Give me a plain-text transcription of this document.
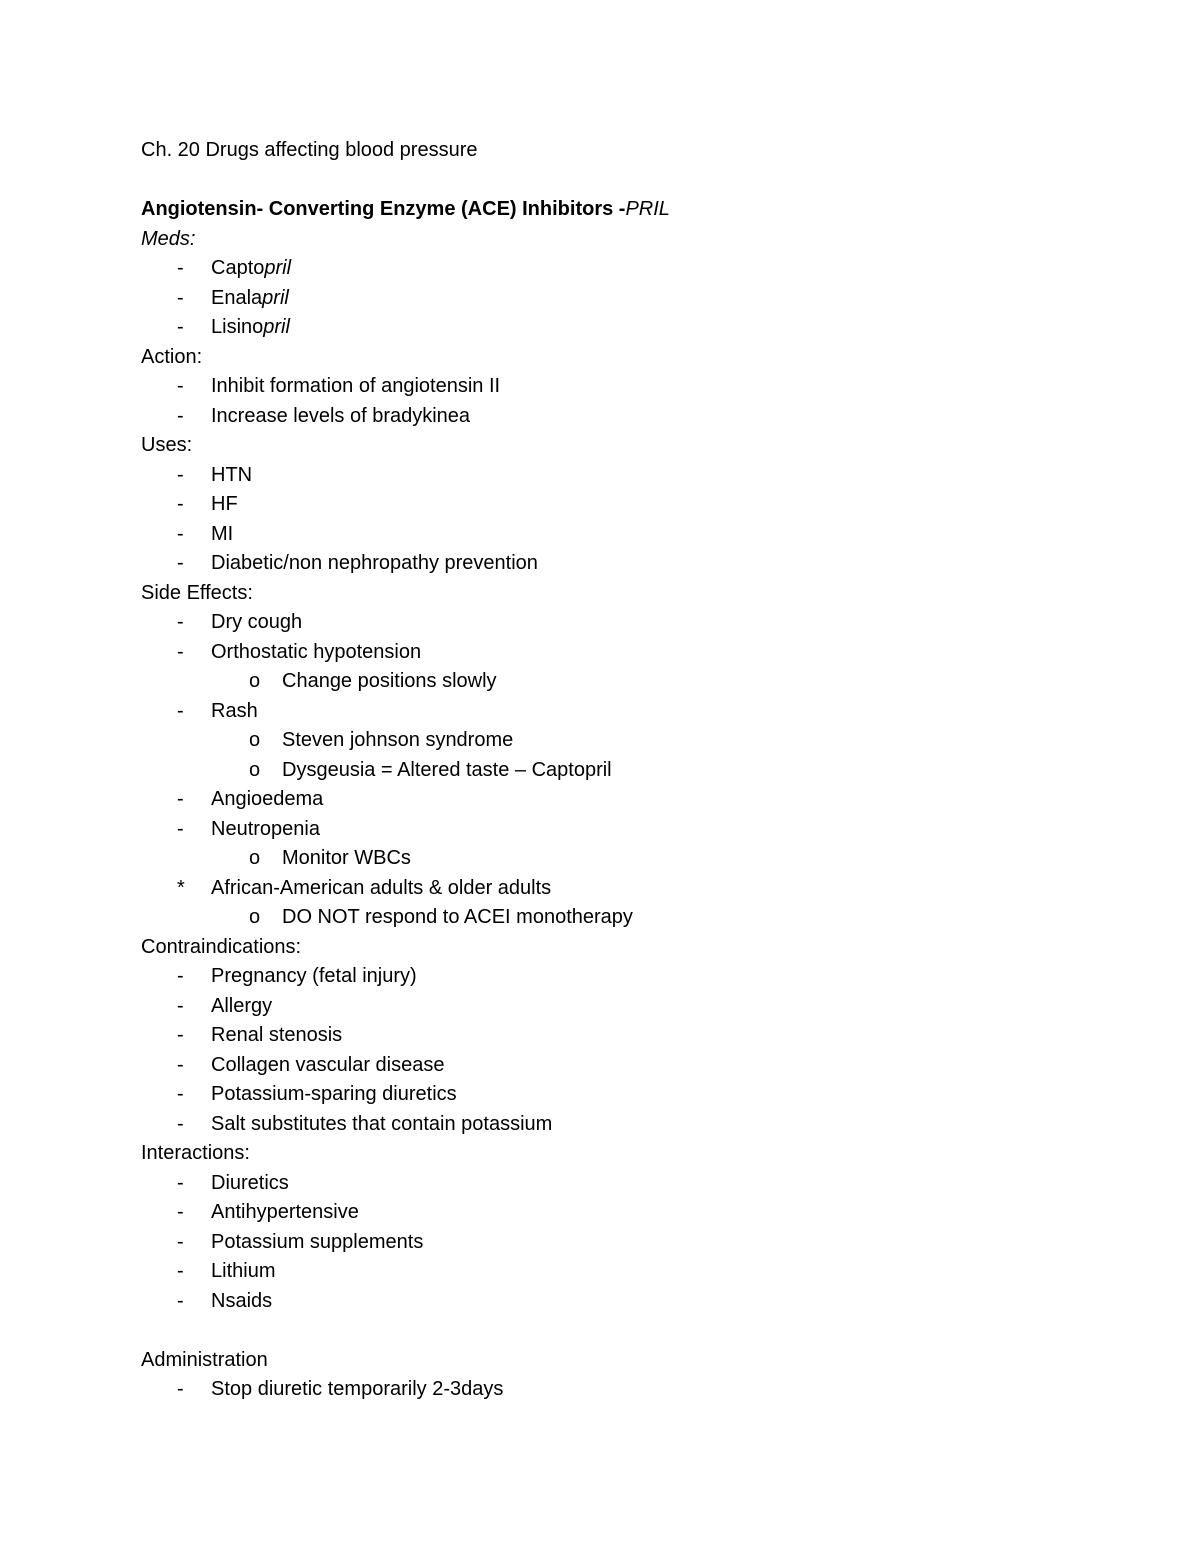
Ch. 20 Drugs affecting blood pressure
Angiotensin- Converting Enzyme (ACE) Inhibitors -PRIL
Meds:
- Captopril
- Enalapril
- Lisinopril
Action:
- Inhibit formation of angiotensin II
- Increase levels of bradykinea
Uses:
- HTN
- HF
- MI
- Diabetic/non nephropathy prevention
Side Effects:
- Dry cough
- Orthostatic hypotension
o Change positions slowly
- Rash
o Steven johnson syndrome
o Dysgeusia = Altered taste – Captopril
- Angioedema
- Neutropenia
o Monitor WBCs
* African-American adults & older adults
o DO NOT respond to ACEI monotherapy
Contraindications:
- Pregnancy (fetal injury)
- Allergy
- Renal stenosis
- Collagen vascular disease
- Potassium-sparing diuretics
- Salt substitutes that contain potassium
Interactions:
- Diuretics
- Antihypertensive
- Potassium supplements
- Lithium
- Nsaids
Administration
- Stop diuretic temporarily 2-3days
